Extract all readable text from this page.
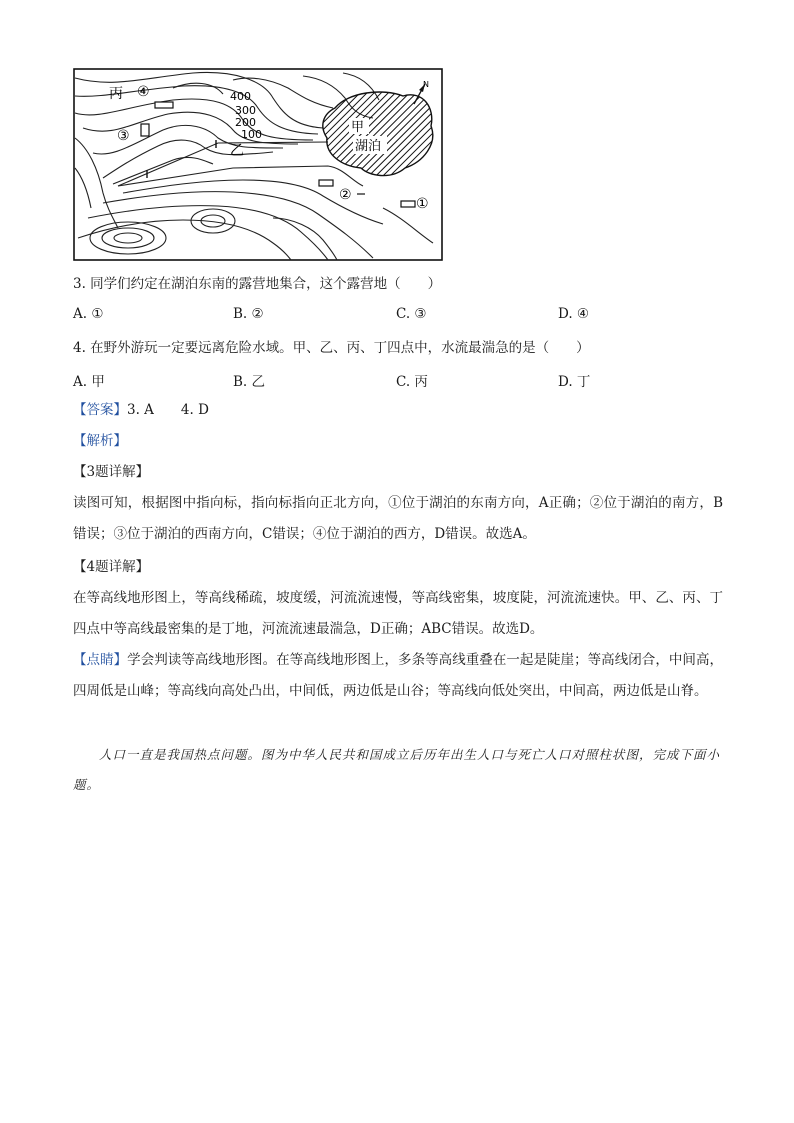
丙
乙
甲
湖泊
N
400
300
200
100
①
②
③
④
3. 同学们约定在湖泊东南的露营地集合，这个露营地（　　）
A. ①	B. ②	C. ③	D. ④
4. 在野外游玩一定要远离危险水域。甲、乙、丙、丁四点中，水流最湍急的是（　　）
A. 甲	B. 乙	C. 丙	D. 丁
【答案】3. A　　4. D
【解析】
【3题详解】
读图可知，根据图中指向标，指向标指向正北方向，①位于湖泊的东南方向，A正确；②位于湖泊的南方，B错误；③位于湖泊的西南方向，C错误；④位于湖泊的西方，D错误。故选A。
【4题详解】
在等高线地形图上，等高线稀疏，坡度缓，河流流速慢，等高线密集，坡度陡，河流流速快。甲、乙、丙、丁四点中等高线最密集的是丁地，河流流速最湍急，D正确；ABC错误。故选D。
【点睛】学会判读等高线地形图。在等高线地形图上，多条等高线重叠在一起是陡崖；等高线闭合，中间高，四周低是山峰；等高线向高处凸出，中间低，两边低是山谷；等高线向低处突出，中间高，两边低是山脊。
人口一直是我国热点问题。图为中华人民共和国成立后历年出生人口与死亡人口对照柱状图，完成下面小题。
